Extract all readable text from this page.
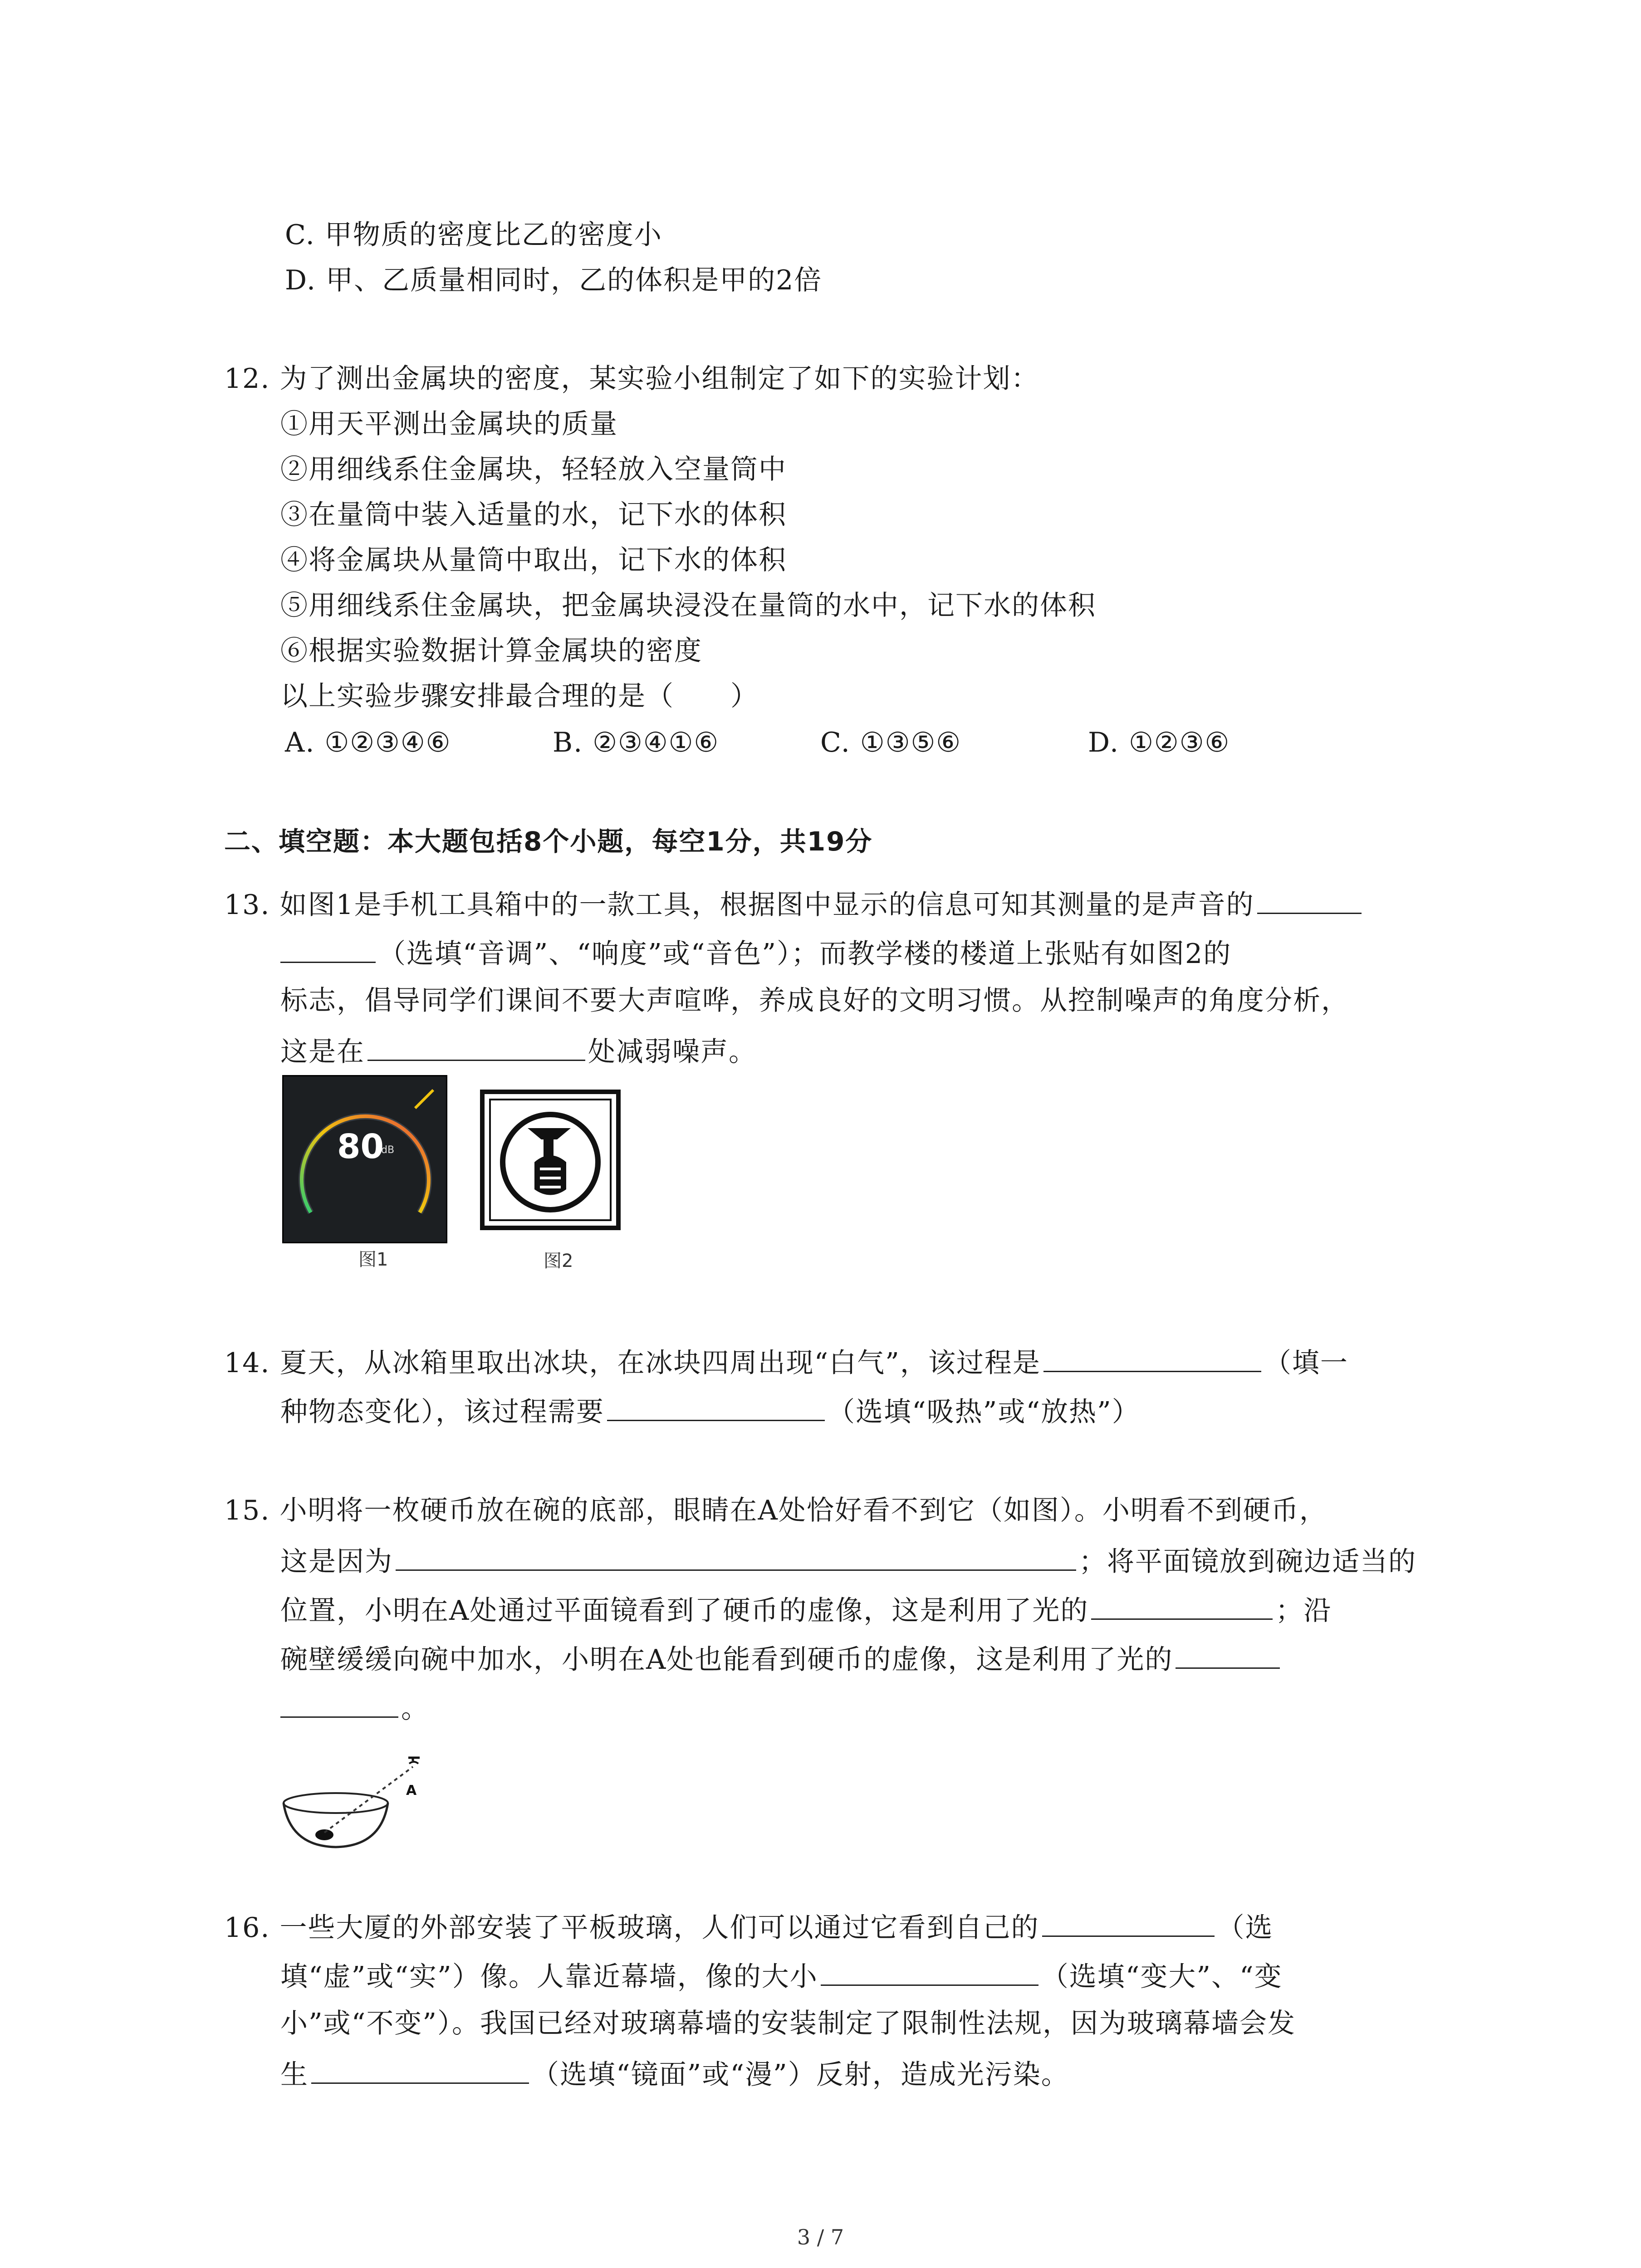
C. 甲物质的密度比乙的密度小
D. 甲、乙质量相同时，乙的体积是甲的2倍
12. 为了测出金属块的密度，某实验小组制定了如下的实验计划：
①用天平测出金属块的质量
②用细线系住金属块，轻轻放入空量筒中
③在量筒中装入适量的水，记下水的体积
④将金属块从量筒中取出，记下水的体积
⑤用细线系住金属块，把金属块浸没在量筒的水中，记下水的体积
⑥根据实验数据计算金属块的密度
以上实验步骤安排最合理的是（　　）
A. ①②③④⑥	B. ②③④①⑥	C. ①③⑤⑥	D. ①②③⑥
二、填空题：本大题包括8个小题，每空1分，共19分
13. 如图1是手机工具箱中的一款工具，根据图中显示的信息可知其测量的是声音的
（选填“音调”、“响度”或“音色”）；而教学楼的楼道上张贴有如图2的
标志，倡导同学们课间不要大声喧哗，养成良好的文明习惯。从控制噪声的角度分析，
这是在	处减弱噪声。
80
dB
图1	图2
14. 夏天，从冰箱里取出冰块，在冰块四周出现“白气”，该过程是	（填一
种物态变化），该过程需要	（选填“吸热”或“放热”）
15. 小明将一枚硬币放在碗的底部，眼睛在A处恰好看不到它（如图）。小明看不到硬币，
这是因为	；将平面镜放到碗边适当的
位置，小明在A处通过平面镜看到了硬币的虚像，这是利用了光的	；沿
碗壁缓缓向碗中加水，小明在A处也能看到硬币的虚像，这是利用了光的
。
A
16. 一些大厦的外部安装了平板玻璃，人们可以通过它看到自己的	（选
填“虚”或“实”）像。人靠近幕墙，像的大小	（选填“变大”、“变
小”或“不变”）。我国已经对玻璃幕墙的安装制定了限制性法规，因为玻璃幕墙会发
生	（选填“镜面”或“漫”）反射，造成光污染。
3 / 7
